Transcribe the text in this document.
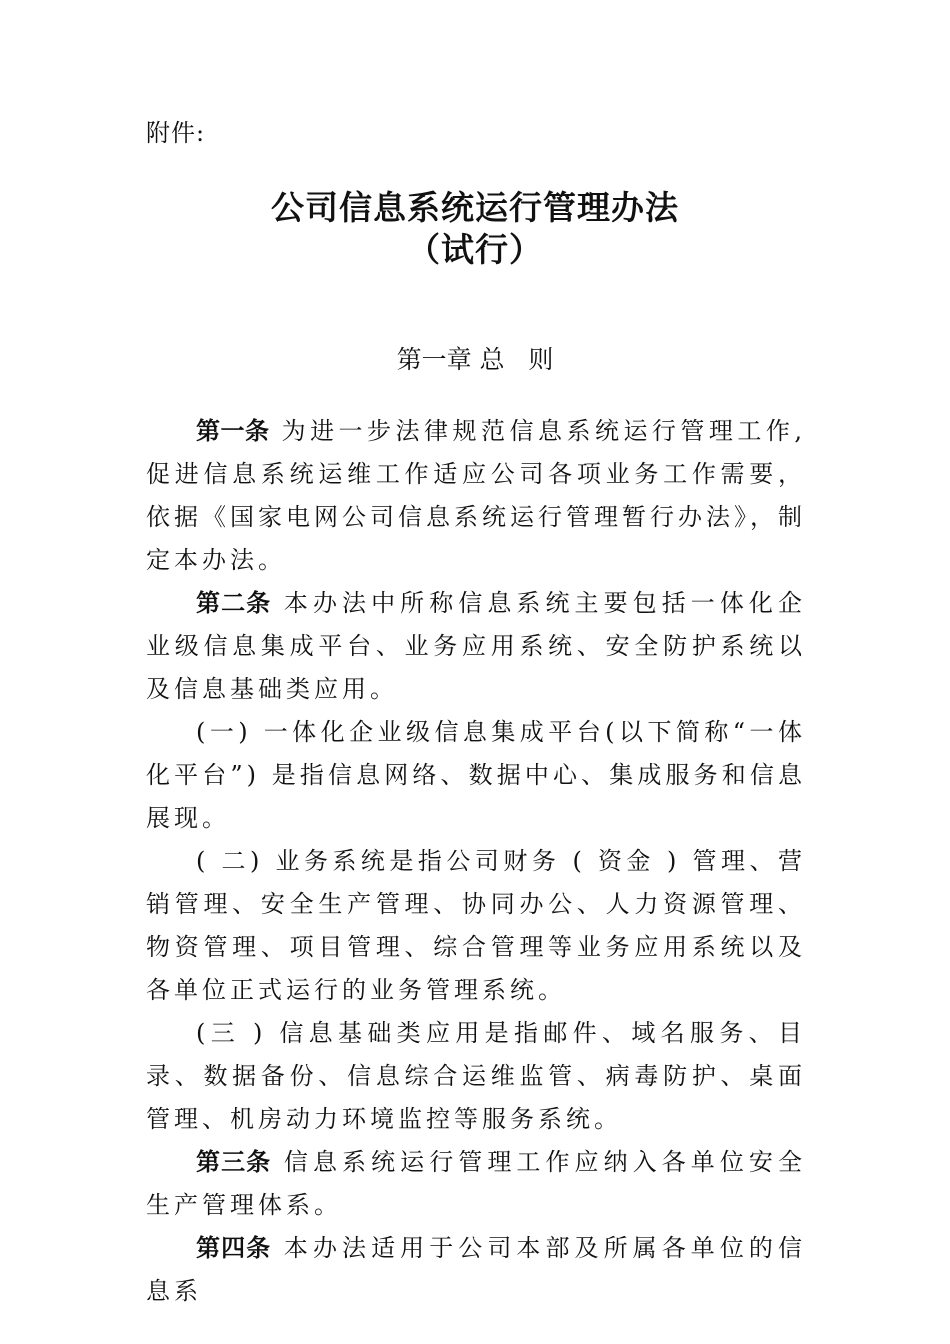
附件:
公司信息系统运行管理办法
（试行）
第一章 总   则

第一条 为进一步法律规范信息系统运行管理工作,促进信息系统运维工作适应公司各项业务工作需要，依据《国家电网公司信息系统运行管理暂行办法》，制定本办法。

第二条 本办法中所称信息系统主要包括一体化企业级信息集成平台、业务应用系统、安全防护系统以及信息基础类应用。

(一) 一体化企业级信息集成平台(以下简称“一体化平台”) 是指信息网络、数据中心、集成服务和信息展现。

( 二) 业务系统是指公司财务 ( 资金 ) 管理、营销管理、安全生产管理、协同办公、人力资源管理、物资管理、项目管理、综合管理等业务应用系统以及各单位正式运行的业务管理系统。

(三 ) 信息基础类应用是指邮件、域名服务、目录、数据备份、信息综合运维监管、病毒防护、桌面管理、机房动力环境监控等服务系统。

第三条 信息系统运行管理工作应纳入各单位安全生产管理体系。

第四条 本办法适用于公司本部及所属各单位的信息系
